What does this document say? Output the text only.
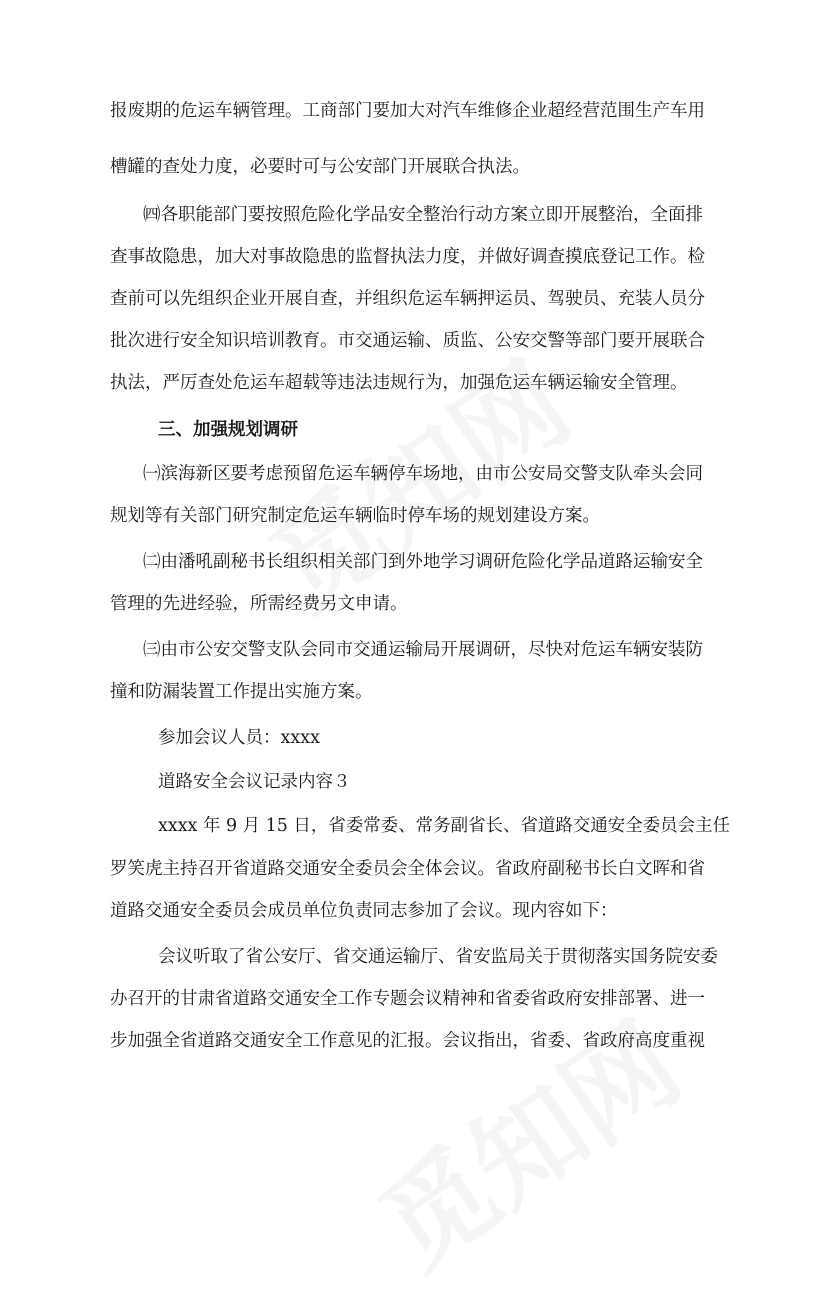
报废期的危运车辆管理。工商部门要加大对汽车维修企业超经营范围生产车用
槽罐的查处力度，必要时可与公安部门开展联合执法。
㈣各职能部门要按照危险化学品安全整治行动方案立即开展整治，全面排
查事故隐患，加大对事故隐患的监督执法力度，并做好调查摸底登记工作。检
查前可以先组织企业开展自查，并组织危运车辆押运员、驾驶员、充装人员分
批次进行安全知识培训教育。市交通运输、质监、公安交警等部门要开展联合
执法，严厉查处危运车超载等违法违规行为，加强危运车辆运输安全管理。
三、加强规划调研
㈠滨海新区要考虑预留危运车辆停车场地，由市公安局交警支队牵头会同
规划等有关部门研究制定危运车辆临时停车场的规划建设方案。
㈡由潘吼副秘书长组织相关部门到外地学习调研危险化学品道路运输安全
管理的先进经验，所需经费另文申请。
㈢由市公安交警支队会同市交通运输局开展调研，尽快对危运车辆安装防
撞和防漏装置工作提出实施方案。
参加会议人员：xxxx
道路安全会议记录内容３
xxxx 年 9 月 15 日，省委常委、常务副省长、省道路交通安全委员会主任
罗笑虎主持召开省道路交通安全委员会全体会议。省政府副秘书长白文晖和省
道路交通安全委员会成员单位负责同志参加了会议。现内容如下：
会议听取了省公安厅、省交通运输厅、省安监局关于贯彻落实国务院安委
办召开的甘肃省道路交通安全工作专题会议精神和省委省政府安排部署、进一
步加强全省道路交通安全工作意见的汇报。会议指出，省委、省政府高度重视
